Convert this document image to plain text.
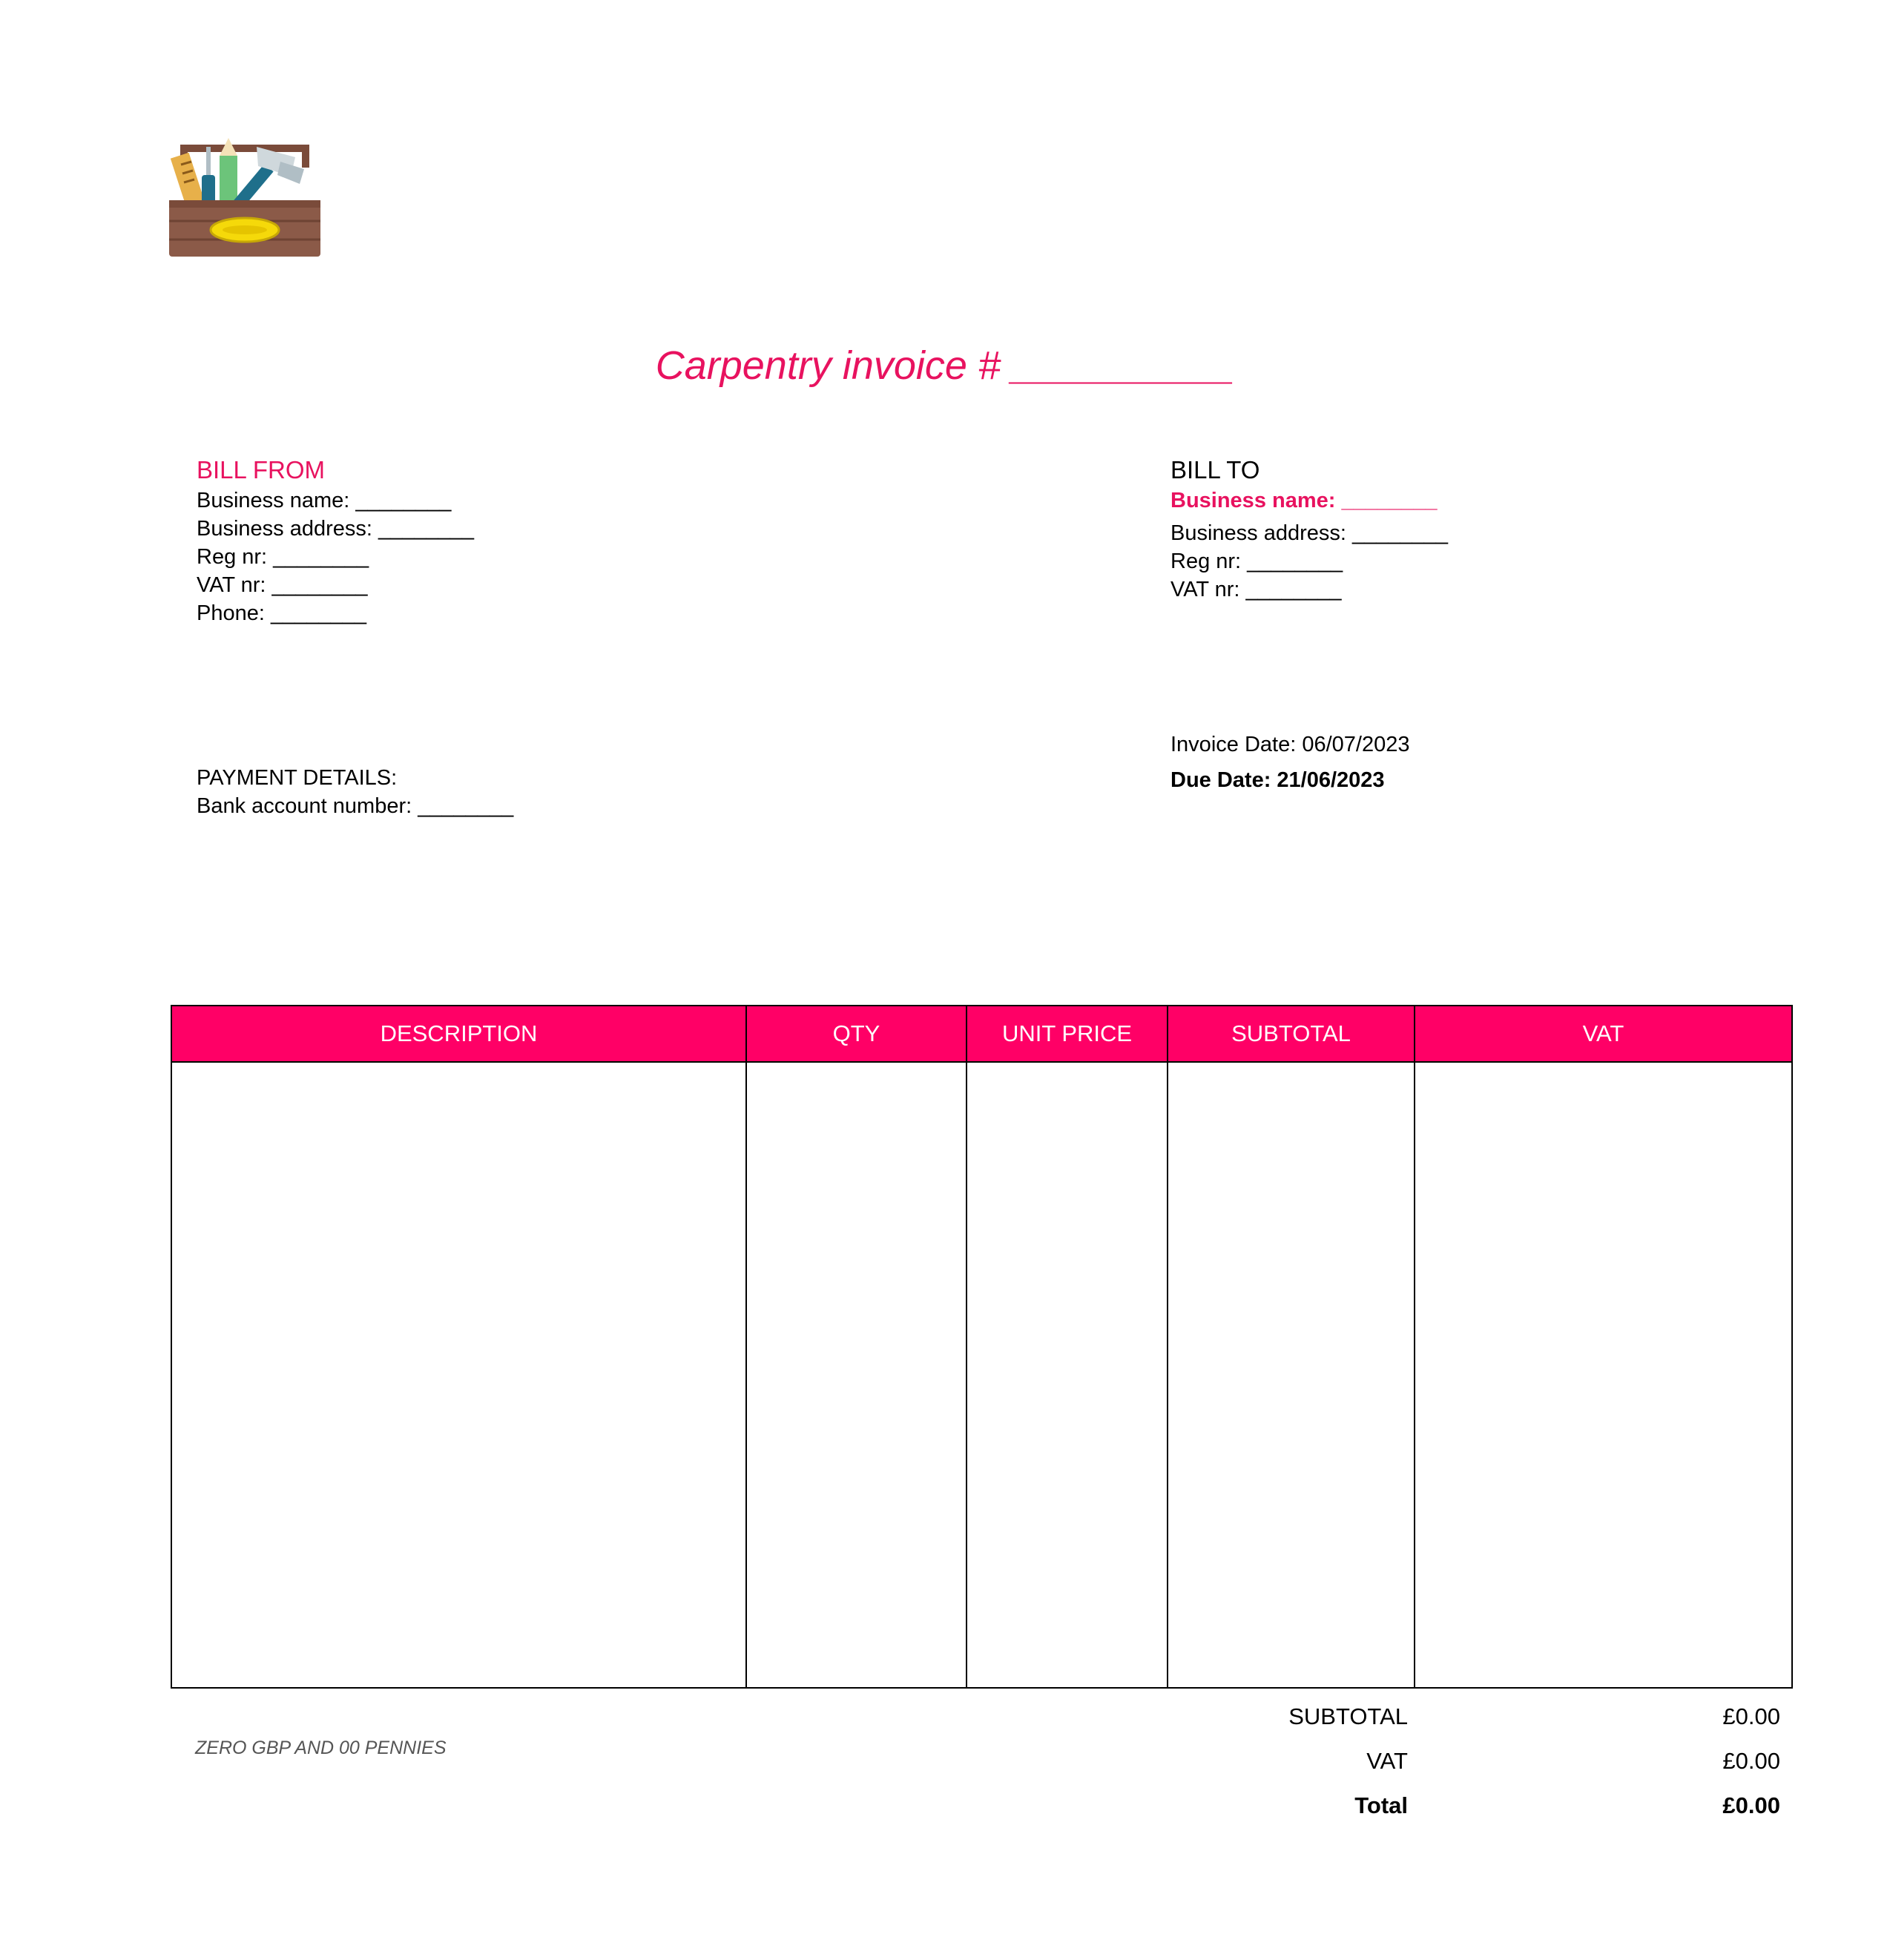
Carpentry invoice # __________
BILL FROM
Business name: ________
Business address: ________
Reg nr: ________
VAT nr: ________
Phone: ________
BILL TO
Business name: ________
Business address: ________
Reg nr: ________
VAT nr: ________
Invoice Date: 06/07/2023
Due Date: 21/06/2023
PAYMENT DETAILS:
Bank account number: ________
DESCRIPTION	QTY	UNIT PRICE	SUBTOTAL	VAT

ZERO GBP AND 00 PENNIES
SUBTOTAL	£0.00
VAT	£0.00
Total	£0.00
